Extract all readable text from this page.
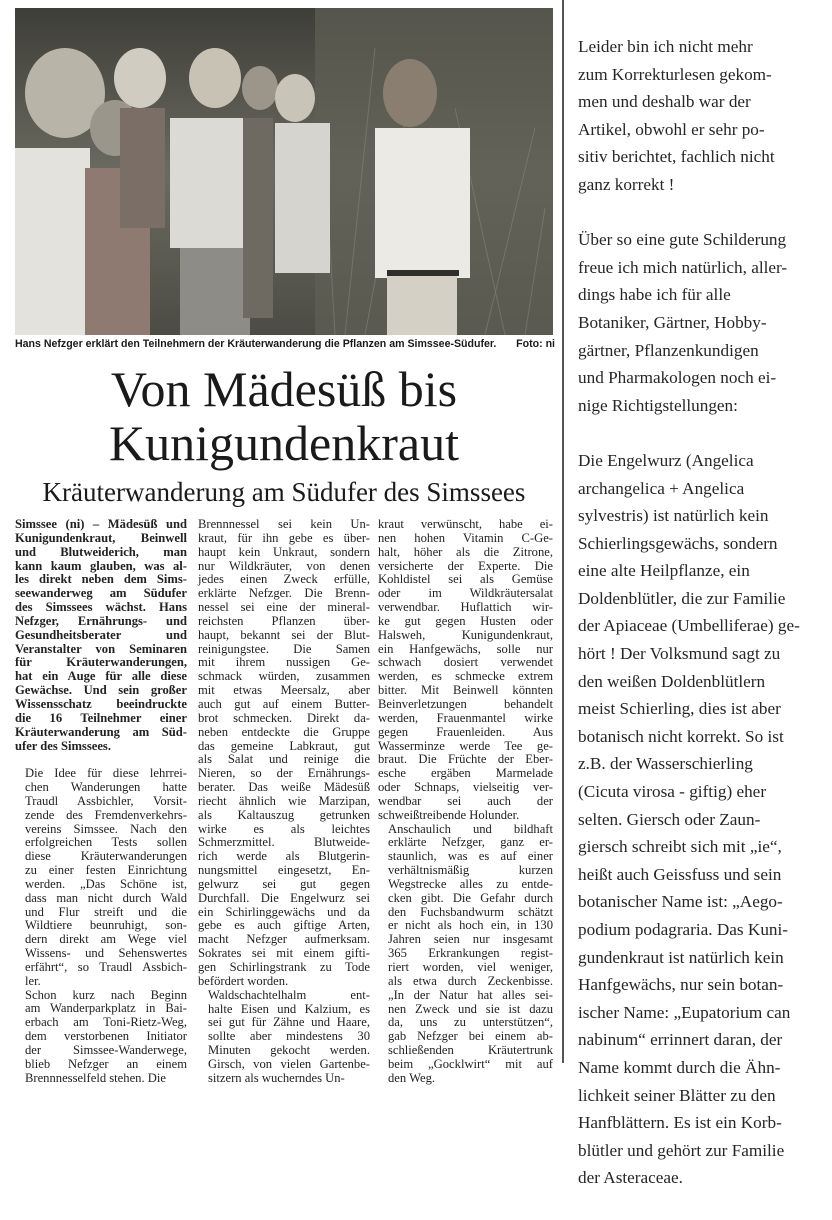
Hans Nefzger erklärt den Teilnehmern der Kräuterwanderung die Pflanzen am Simssee-Südufer. Foto: ni
Von Mädesüß bis
Kunigundenkraut
Kräuterwanderung am Südufer des Simssees

Simssee (ni) – Mädesüß und
Kunigundenkraut, Beinwell
und Blutweiderich, man
kann kaum glauben, was al-
les direkt neben dem Sims-
seewanderweg am Südufer
des Simssees wächst. Hans
Nefzger, Ernährungs- und
Gesundheitsberater und
Veranstalter von Seminaren
für Kräuterwanderungen,
hat ein Auge für alle diese
Gewächse. Und sein großer
Wissensschatz beeindruckte
die 16 Teilnehmer einer
Kräuterwanderung am Süd-
ufer des Simssees.

Die Idee für diese lehrrei-
chen Wanderungen hatte
Traudl Assbichler, Vorsit-
zende des Fremdenverkehrs-
vereins Simssee. Nach den
erfolgreichen Tests sollen
diese Kräuterwanderungen
zu einer festen Einrichtung
werden. „Das Schöne ist,
dass man nicht durch Wald
und Flur streift und die
Wildtiere beunruhigt, son-
dern direkt am Wege viel
Wissens- und Sehenswertes
erfährt“, so Traudl Assbich-
ler.

Schon kurz nach Beginn
am Wanderparkplatz in Bai-
erbach am Toni-Rietz-Weg,
dem verstorbenen Initiator
der Simssee-Wanderwege,
blieb Nefzger an einem
Brennnesselfeld stehen. Die

Brennnessel sei kein Un-
kraut, für ihn gebe es über-
haupt kein Unkraut, sondern
nur Wildkräuter, von denen
jedes einen Zweck erfülle,
erklärte Nefzger. Die Brenn-
nessel sei eine der mineral-
reichsten Pflanzen über-
haupt, bekannt sei der Blut-
reinigungstee. Die Samen
mit ihrem nussigen Ge-
schmack würden, zusammen
mit etwas Meersalz, aber
auch gut auf einem Butter-
brot schmecken. Direkt da-
neben entdeckte die Gruppe
das gemeine Labkraut, gut
als Salat und reinige die
Nieren, so der Ernährungs-
berater. Das weiße Mädesüß
riecht ähnlich wie Marzipan,
als Kaltauszug getrunken
wirke es als leichtes
Schmerzmittel. Blutweide-
rich werde als Blutgerin-
nungsmittel eingesetzt, En-
gelwurz sei gut gegen
Durchfall. Die Engelwurz sei
ein Schirlinggewächs und da
gebe es auch giftige Arten,
macht Nefzger aufmerksam.
Sokrates sei mit einem gifti-
gen Schirlingstrank zu Tode
befördert worden.

Waldschachtelhalm ent-
halte Eisen und Kalzium, es
sei gut für Zähne und Haare,
sollte aber mindestens 30
Minuten gekocht werden.
Girsch, von vielen Gartenbe-
sitzern als wucherndes Un-

kraut verwünscht, habe ei-
nen hohen Vitamin C-Ge-
halt, höher als die Zitrone,
versicherte der Experte. Die
Kohldistel sei als Gemüse
oder im Wildkräutersalat
verwendbar. Huflattich wir-
ke gut gegen Husten oder
Halsweh, Kunigundenkraut,
ein Hanfgewächs, solle nur
schwach dosiert verwendet
werden, es schmecke extrem
bitter. Mit Beinwell könnten
Beinverletzungen behandelt
werden, Frauenmantel wirke
gegen Frauenleiden. Aus
Wasserminze werde Tee ge-
braut. Die Früchte der Eber-
esche ergäben Marmelade
oder Schnaps, vielseitig ver-
wendbar sei auch der
schweißtreibende Holunder.

Anschaulich und bildhaft
erklärte Nefzger, ganz er-
staunlich, was es auf einer
verhältnismäßig kurzen
Wegstrecke alles zu entde-
cken gibt. Die Gefahr durch
den Fuchsbandwurm schätzt
er nicht als hoch ein, in 130
Jahren seien nur insgesamt
365 Erkrankungen regist-
riert worden, viel weniger,
als etwa durch Zeckenbisse.
„In der Natur hat alles sei-
nen Zweck und sie ist dazu
da, uns zu unterstützen“,
gab Nefzger bei einem ab-
schließenden Kräutertrunk
beim „Gocklwirt“ mit auf
den Weg.

Leider bin ich nicht mehr
zum Korrekturlesen gekom-
men und deshalb war der
Artikel, obwohl er sehr po-
sitiv berichtet, fachlich nicht
ganz korrekt !

Über so eine gute Schilderung
freue ich mich natürlich, aller-
dings habe ich für alle
Botaniker, Gärtner, Hobby-
gärtner, Pflanzenkundigen
und Pharmakologen noch ei-
nige Richtigstellungen:

Die Engelwurz (Angelica
archangelica + Angelica
sylvestris) ist natürlich kein
Schierlingsgewächs, sondern
eine alte Heilpflanze, ein
Doldenblütler, die zur Familie
der Apiaceae (Umbelliferae) ge-
hört ! Der Volksmund sagt zu
den weißen Doldenblütlern
meist Schierling, dies ist aber
botanisch nicht korrekt. So ist
z.B. der Wasserschierling
(Cicuta virosa - giftig) eher
selten. Giersch oder Zaun-
giersch schreibt sich mit „ie“,
heißt auch Geissfuss und sein
botanischer Name ist: „Aego-
podium podagraria. Das Kuni-
gundenkraut ist natürlich kein
Hanfgewächs, nur sein botan-
ischer Name: „Eupatorium can
nabinum“ errinnert daran, der
Name kommt durch die Ähn-
lichkeit seiner Blätter zu den
Hanfblättern. Es ist ein Korb-
blütler und gehört zur Familie
der Asteraceae.
